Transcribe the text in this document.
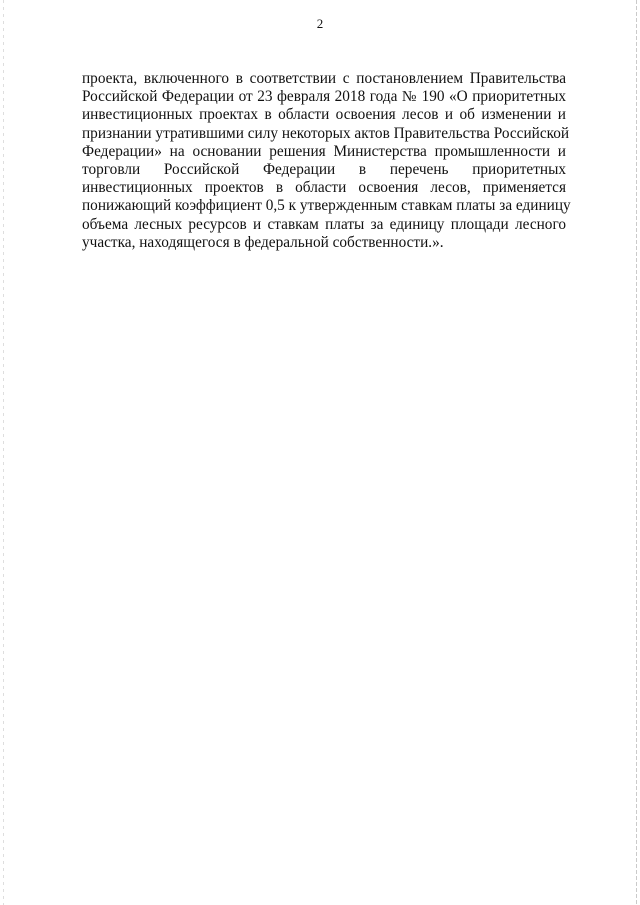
2

проекта, включенного в соответствии с постановлением Правительства
Российской Федерации от 23 февраля 2018 года № 190 «О приоритетных
инвестиционных проектах в области освоения лесов и об изменении и
признании утратившими силу некоторых актов Правительства Российской
Федерации» на основании решения Министерства промышленности и
торговли Российской Федерации в перечень приоритетных
инвестиционных проектов в области освоения лесов, применяется
понижающий коэффициент 0,5 к утвержденным ставкам платы за единицу
объема лесных ресурсов и ставкам платы за единицу площади лесного
участка, находящегося в федеральной собственности.».
